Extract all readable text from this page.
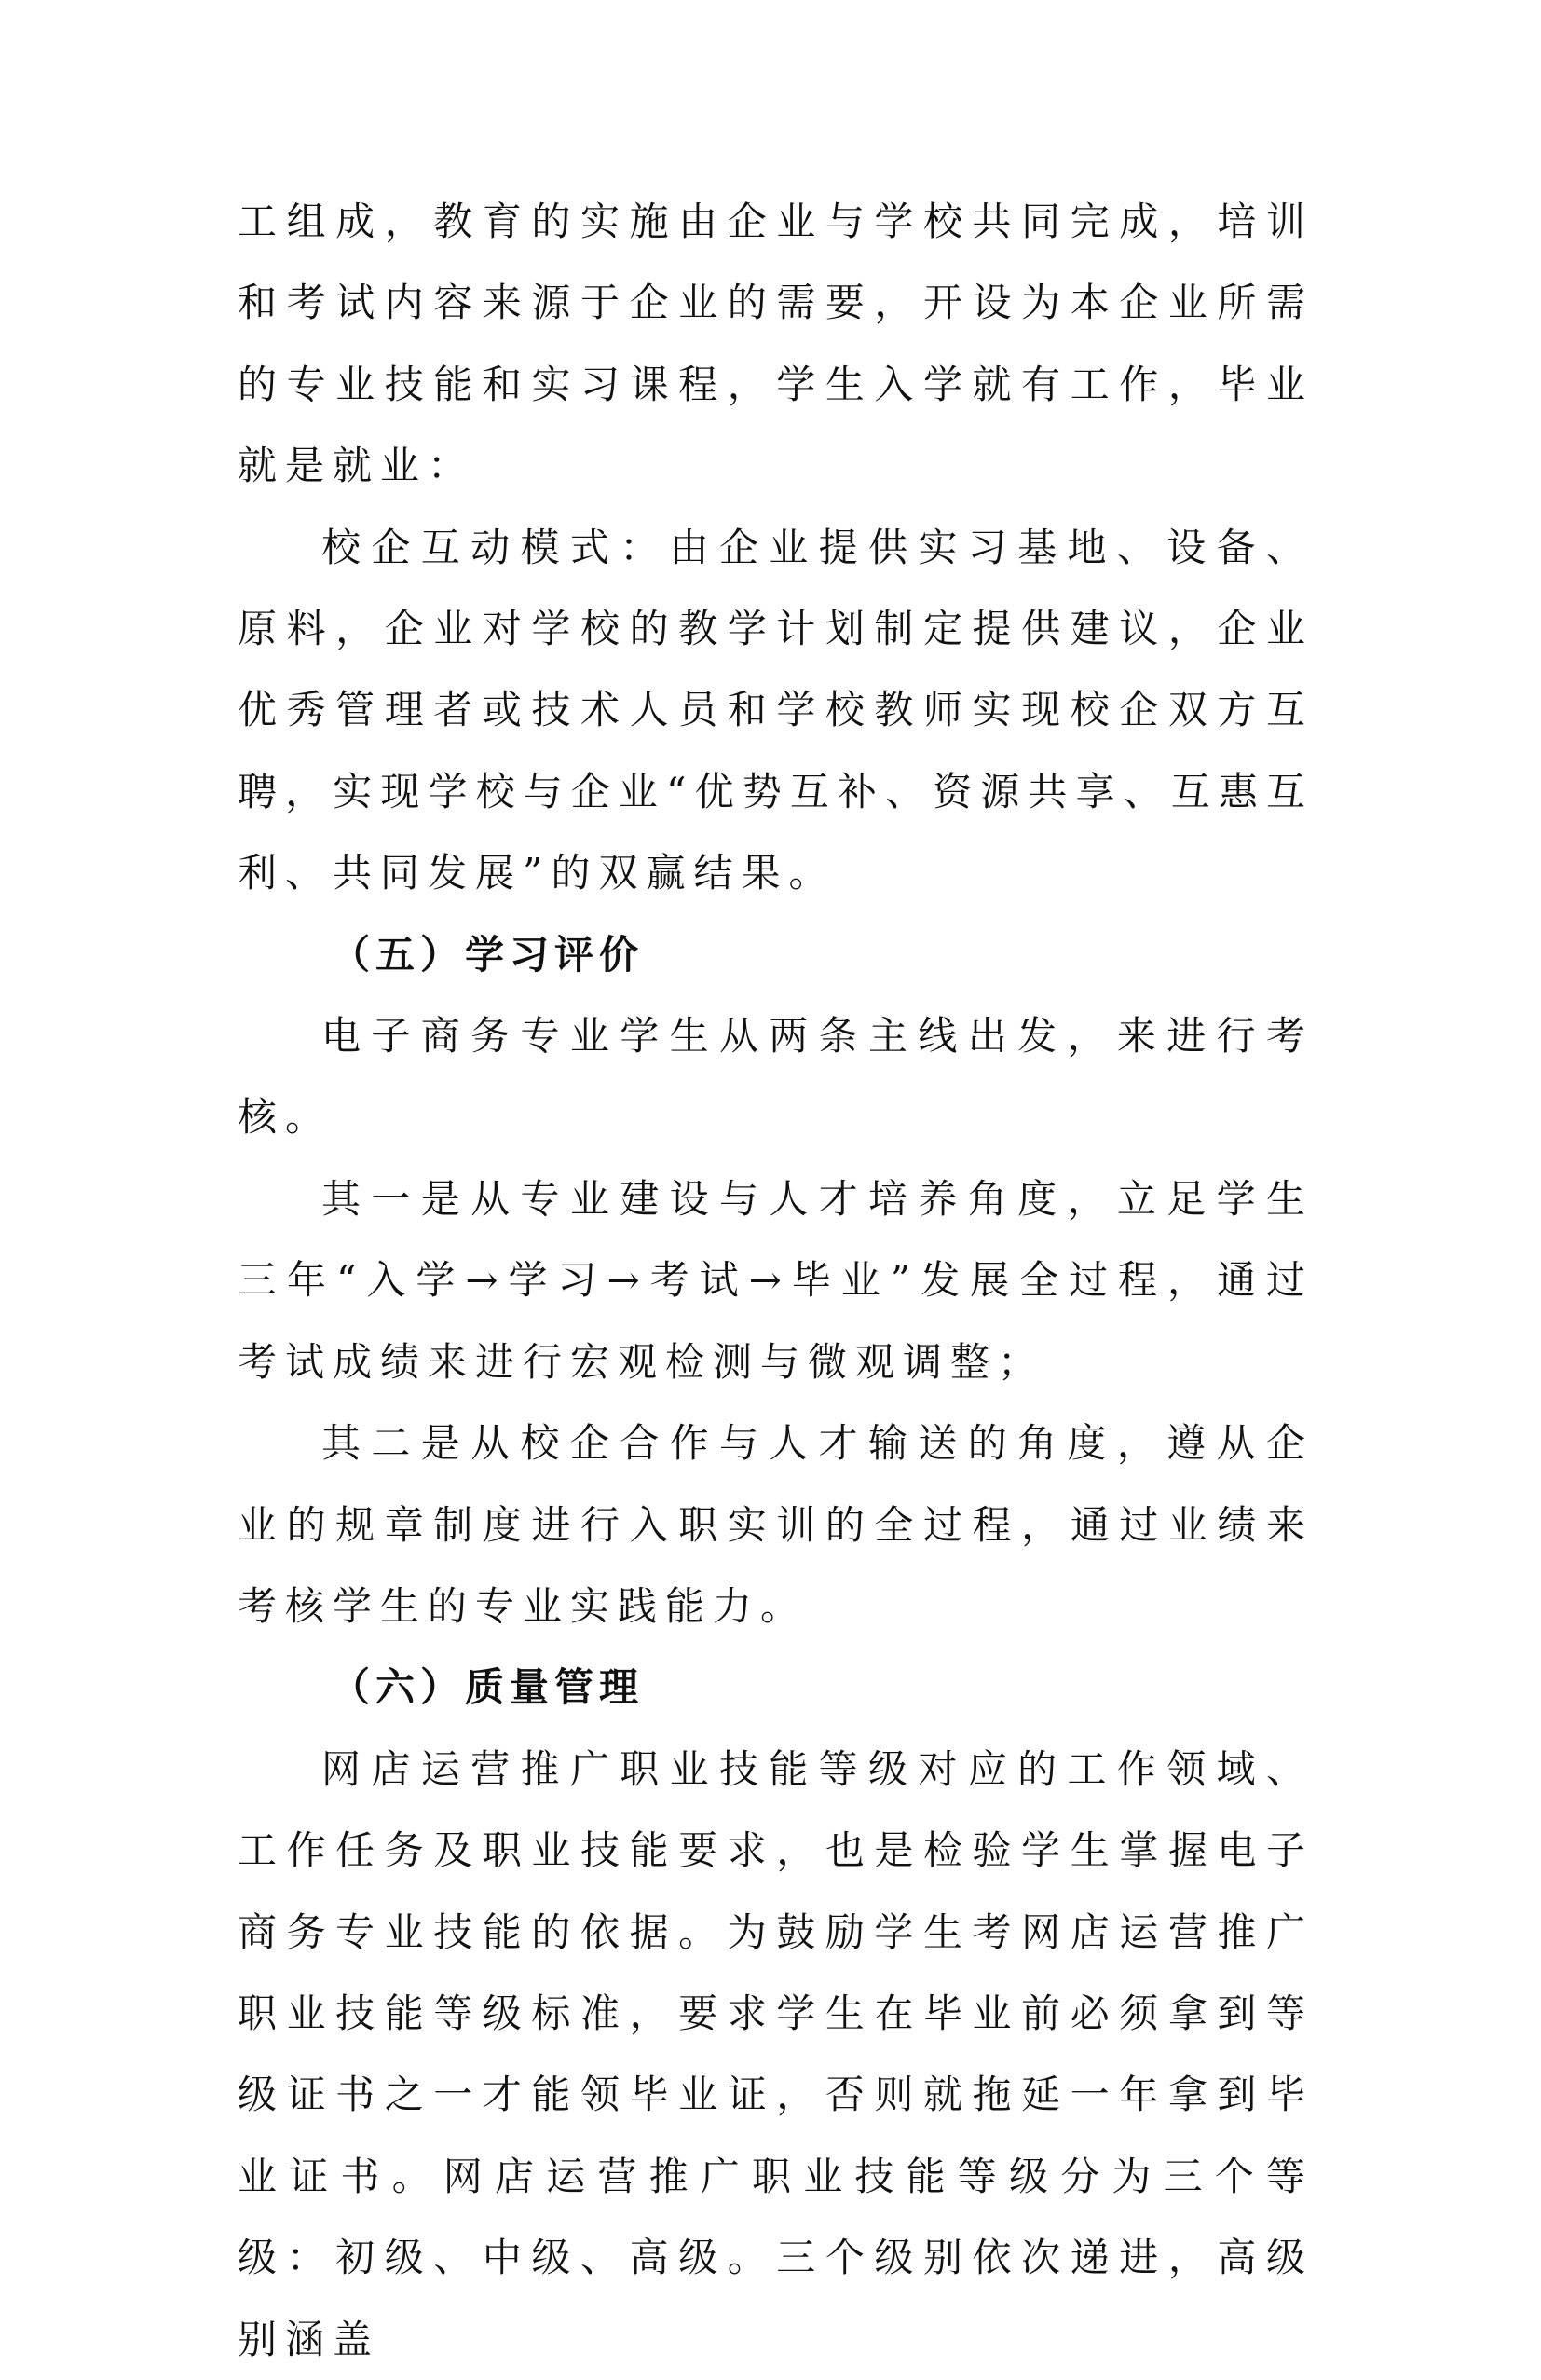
工组成，教育的实施由企业与学校共同完成，培训和考试内容来源于企业的需要，开设为本企业所需的专业技能和实习课程，学生入学就有工作，毕业就是就业：

校企互动模式：由企业提供实习基地、设备、原料，企业对学校的教学计划制定提供建议，企业优秀管理者或技术人员和学校教师实现校企双方互聘，实现学校与企业“优势互补、资源共享、互惠互利、共同发展”的双赢结果。

（五）学习评价

电子商务专业学生从两条主线出发，来进行考核。

其一是从专业建设与人才培养角度，立足学生三年“入学→学习→考试→毕业”发展全过程，通过考试成绩来进行宏观检测与微观调整；

其二是从校企合作与人才输送的角度，遵从企业的规章制度进行入职实训的全过程，通过业绩来考核学生的专业实践能力。

（六）质量管理

网店运营推广职业技能等级对应的工作领域、工作任务及职业技能要求，也是检验学生掌握电子商务专业技能的依据。为鼓励学生考网店运营推广职业技能等级标准，要求学生在毕业前必须拿到等级证书之一才能领毕业证，否则就拖延一年拿到毕业证书。网店运营推广职业技能等级分为三个等级：初级、中级、高级。三个级别依次递进，高级别涵盖
